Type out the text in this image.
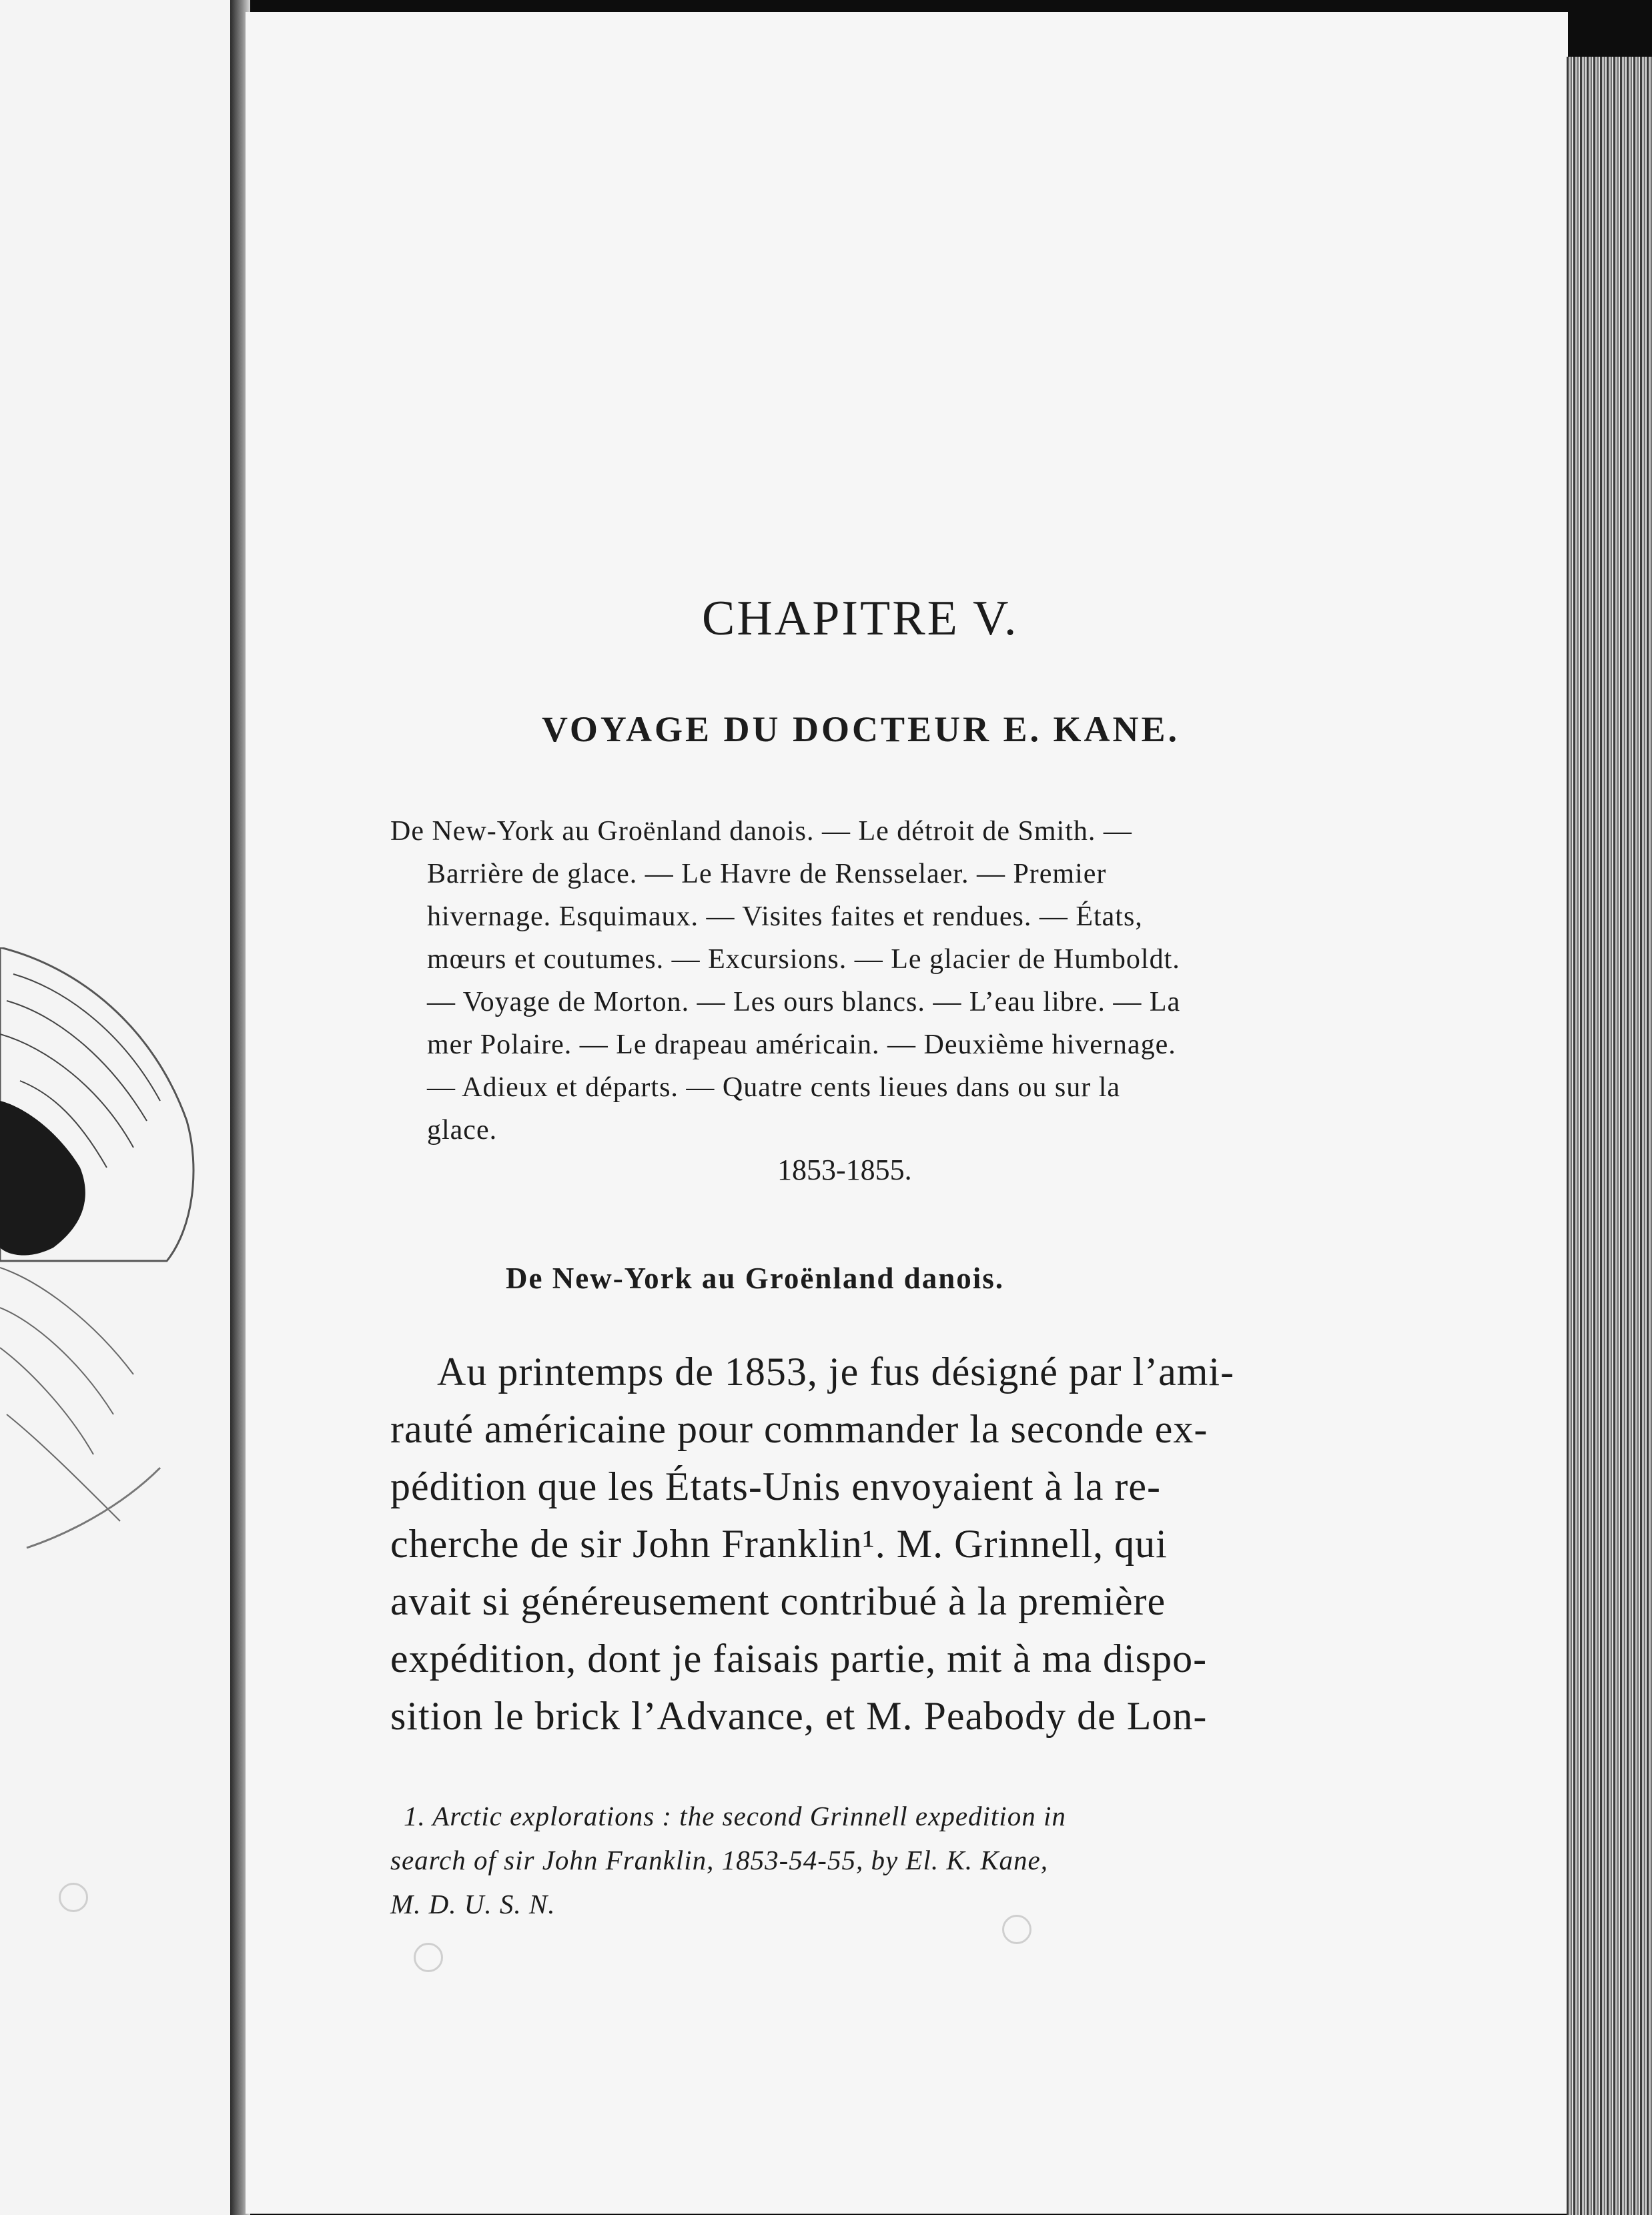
CHAPITRE V.
VOYAGE DU DOCTEUR E. KANE.
De New-York au Groënland danois. — Le détroit de Smith. —
Barrière de glace. — Le Havre de Rensselaer. — Premier
hivernage. Esquimaux. — Visites faites et rendues. — États,
mœurs et coutumes. — Excursions. — Le glacier de Humboldt.
— Voyage de Morton. — Les ours blancs. — L’eau libre. — La
mer Polaire. — Le drapeau américain. — Deuxième hivernage.
— Adieux et départs. — Quatre cents lieues dans ou sur la
glace.
1853-1855.
De New-York au Groënland danois.
Au printemps de 1853, je fus désigné par l’ami-
rauté américaine pour commander la seconde ex-
pédition que les États-Unis envoyaient à la re-
cherche de sir John Franklin¹. M. Grinnell, qui
avait si généreusement contribué à la première
expédition, dont je faisais partie, mit à ma dispo-
sition le brick l’Advance, et M. Peabody de Lon-
1. Arctic explorations : the second Grinnell expedition in
search of sir John Franklin, 1853-54-55, by El. K. Kane,
M. D. U. S. N.
